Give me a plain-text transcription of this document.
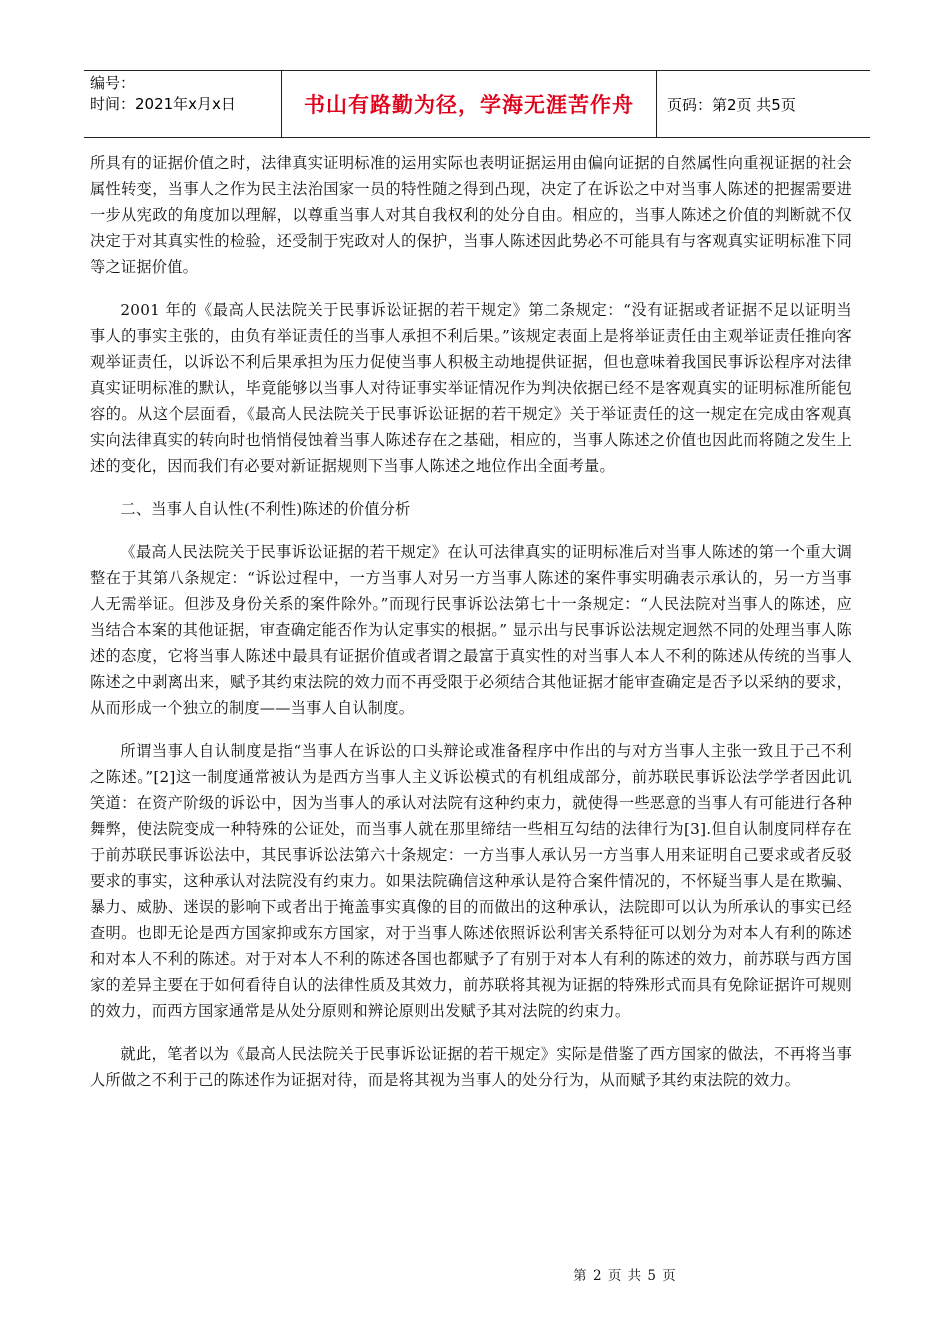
编号：
时间：2021年x月x日	书山有路勤为径，学海无涯苦作舟	页码：第2页 共5页

所具有的证据价值之时，法律真实证明标准的运用实际也表明证据运用由偏向证据的自然属性向重视证据的社会属性转变，当事人之作为民主法治国家一员的特性随之得到凸现，决定了在诉讼之中对当事人陈述的把握需要进一步从宪政的角度加以理解，以尊重当事人对其自我权利的处分自由。相应的，当事人陈述之价值的判断就不仅决定于对其真实性的检验，还受制于宪政对人的保护，当事人陈述因此势必不可能具有与客观真实证明标准下同等之证据价值。

2001 年的《最高人民法院关于民事诉讼证据的若干规定》第二条规定：“没有证据或者证据不足以证明当事人的事实主张的，由负有举证责任的当事人承担不利后果。”该规定表面上是将举证责任由主观举证责任推向客观举证责任，以诉讼不利后果承担为压力促使当事人积极主动地提供证据，但也意味着我国民事诉讼程序对法律真实证明标准的默认，毕竟能够以当事人对待证事实举证情况作为判决依据已经不是客观真实的证明标准所能包容的。从这个层面看，《最高人民法院关于民事诉讼证据的若干规定》关于举证责任的这一规定在完成由客观真实向法律真实的转向时也悄悄侵蚀着当事人陈述存在之基础，相应的，当事人陈述之价值也因此而将随之发生上述的变化，因而我们有必要对新证据规则下当事人陈述之地位作出全面考量。

二、当事人自认性(不利性)陈述的价值分析

《最高人民法院关于民事诉讼证据的若干规定》在认可法律真实的证明标准后对当事人陈述的第一个重大调整在于其第八条规定：“诉讼过程中，一方当事人对另一方当事人陈述的案件事实明确表示承认的，另一方当事人无需举证。但涉及身份关系的案件除外。”而现行民事诉讼法第七十一条规定：“人民法院对当事人的陈述，应当结合本案的其他证据，审查确定能否作为认定事实的根据。” 显示出与民事诉讼法规定迥然不同的处理当事人陈述的态度，它将当事人陈述中最具有证据价值或者谓之最富于真实性的对当事人本人不利的陈述从传统的当事人陈述之中剥离出来，赋予其约束法院的效力而不再受限于必须结合其他证据才能审查确定是否予以采纳的要求，从而形成一个独立的制度——当事人自认制度。

所谓当事人自认制度是指“当事人在诉讼的口头辩论或准备程序中作出的与对方当事人主张一致且于己不利之陈述。”[2]这一制度通常被认为是西方当事人主义诉讼模式的有机组成部分，前苏联民事诉讼法学学者因此讥笑道：在资产阶级的诉讼中，因为当事人的承认对法院有这种约束力，就使得一些恶意的当事人有可能进行各种舞弊，使法院变成一种特殊的公证处，而当事人就在那里缔结一些相互勾结的法律行为[3].但自认制度同样存在于前苏联民事诉讼法中，其民事诉讼法第六十条规定：一方当事人承认另一方当事人用来证明自己要求或者反驳要求的事实，这种承认对法院没有约束力。如果法院确信这种承认是符合案件情况的，不怀疑当事人是在欺骗、暴力、威胁、迷误的影响下或者出于掩盖事实真像的目的而做出的这种承认，法院即可以认为所承认的事实已经查明。也即无论是西方国家抑或东方国家，对于当事人陈述依照诉讼利害关系特征可以划分为对本人有利的陈述和对本人不利的陈述。对于对本人不利的陈述各国也都赋予了有别于对本人有利的陈述的效力，前苏联与西方国家的差异主要在于如何看待自认的法律性质及其效力，前苏联将其视为证据的特殊形式而具有免除证据许可规则的效力，而西方国家通常是从处分原则和辨论原则出发赋予其对法院的约束力。

就此，笔者以为《最高人民法院关于民事诉讼证据的若干规定》实际是借鉴了西方国家的做法，不再将当事人所做之不利于己的陈述作为证据对待，而是将其视为当事人的处分行为，从而赋予其约束法院的效力。

第 2 页 共 5 页
